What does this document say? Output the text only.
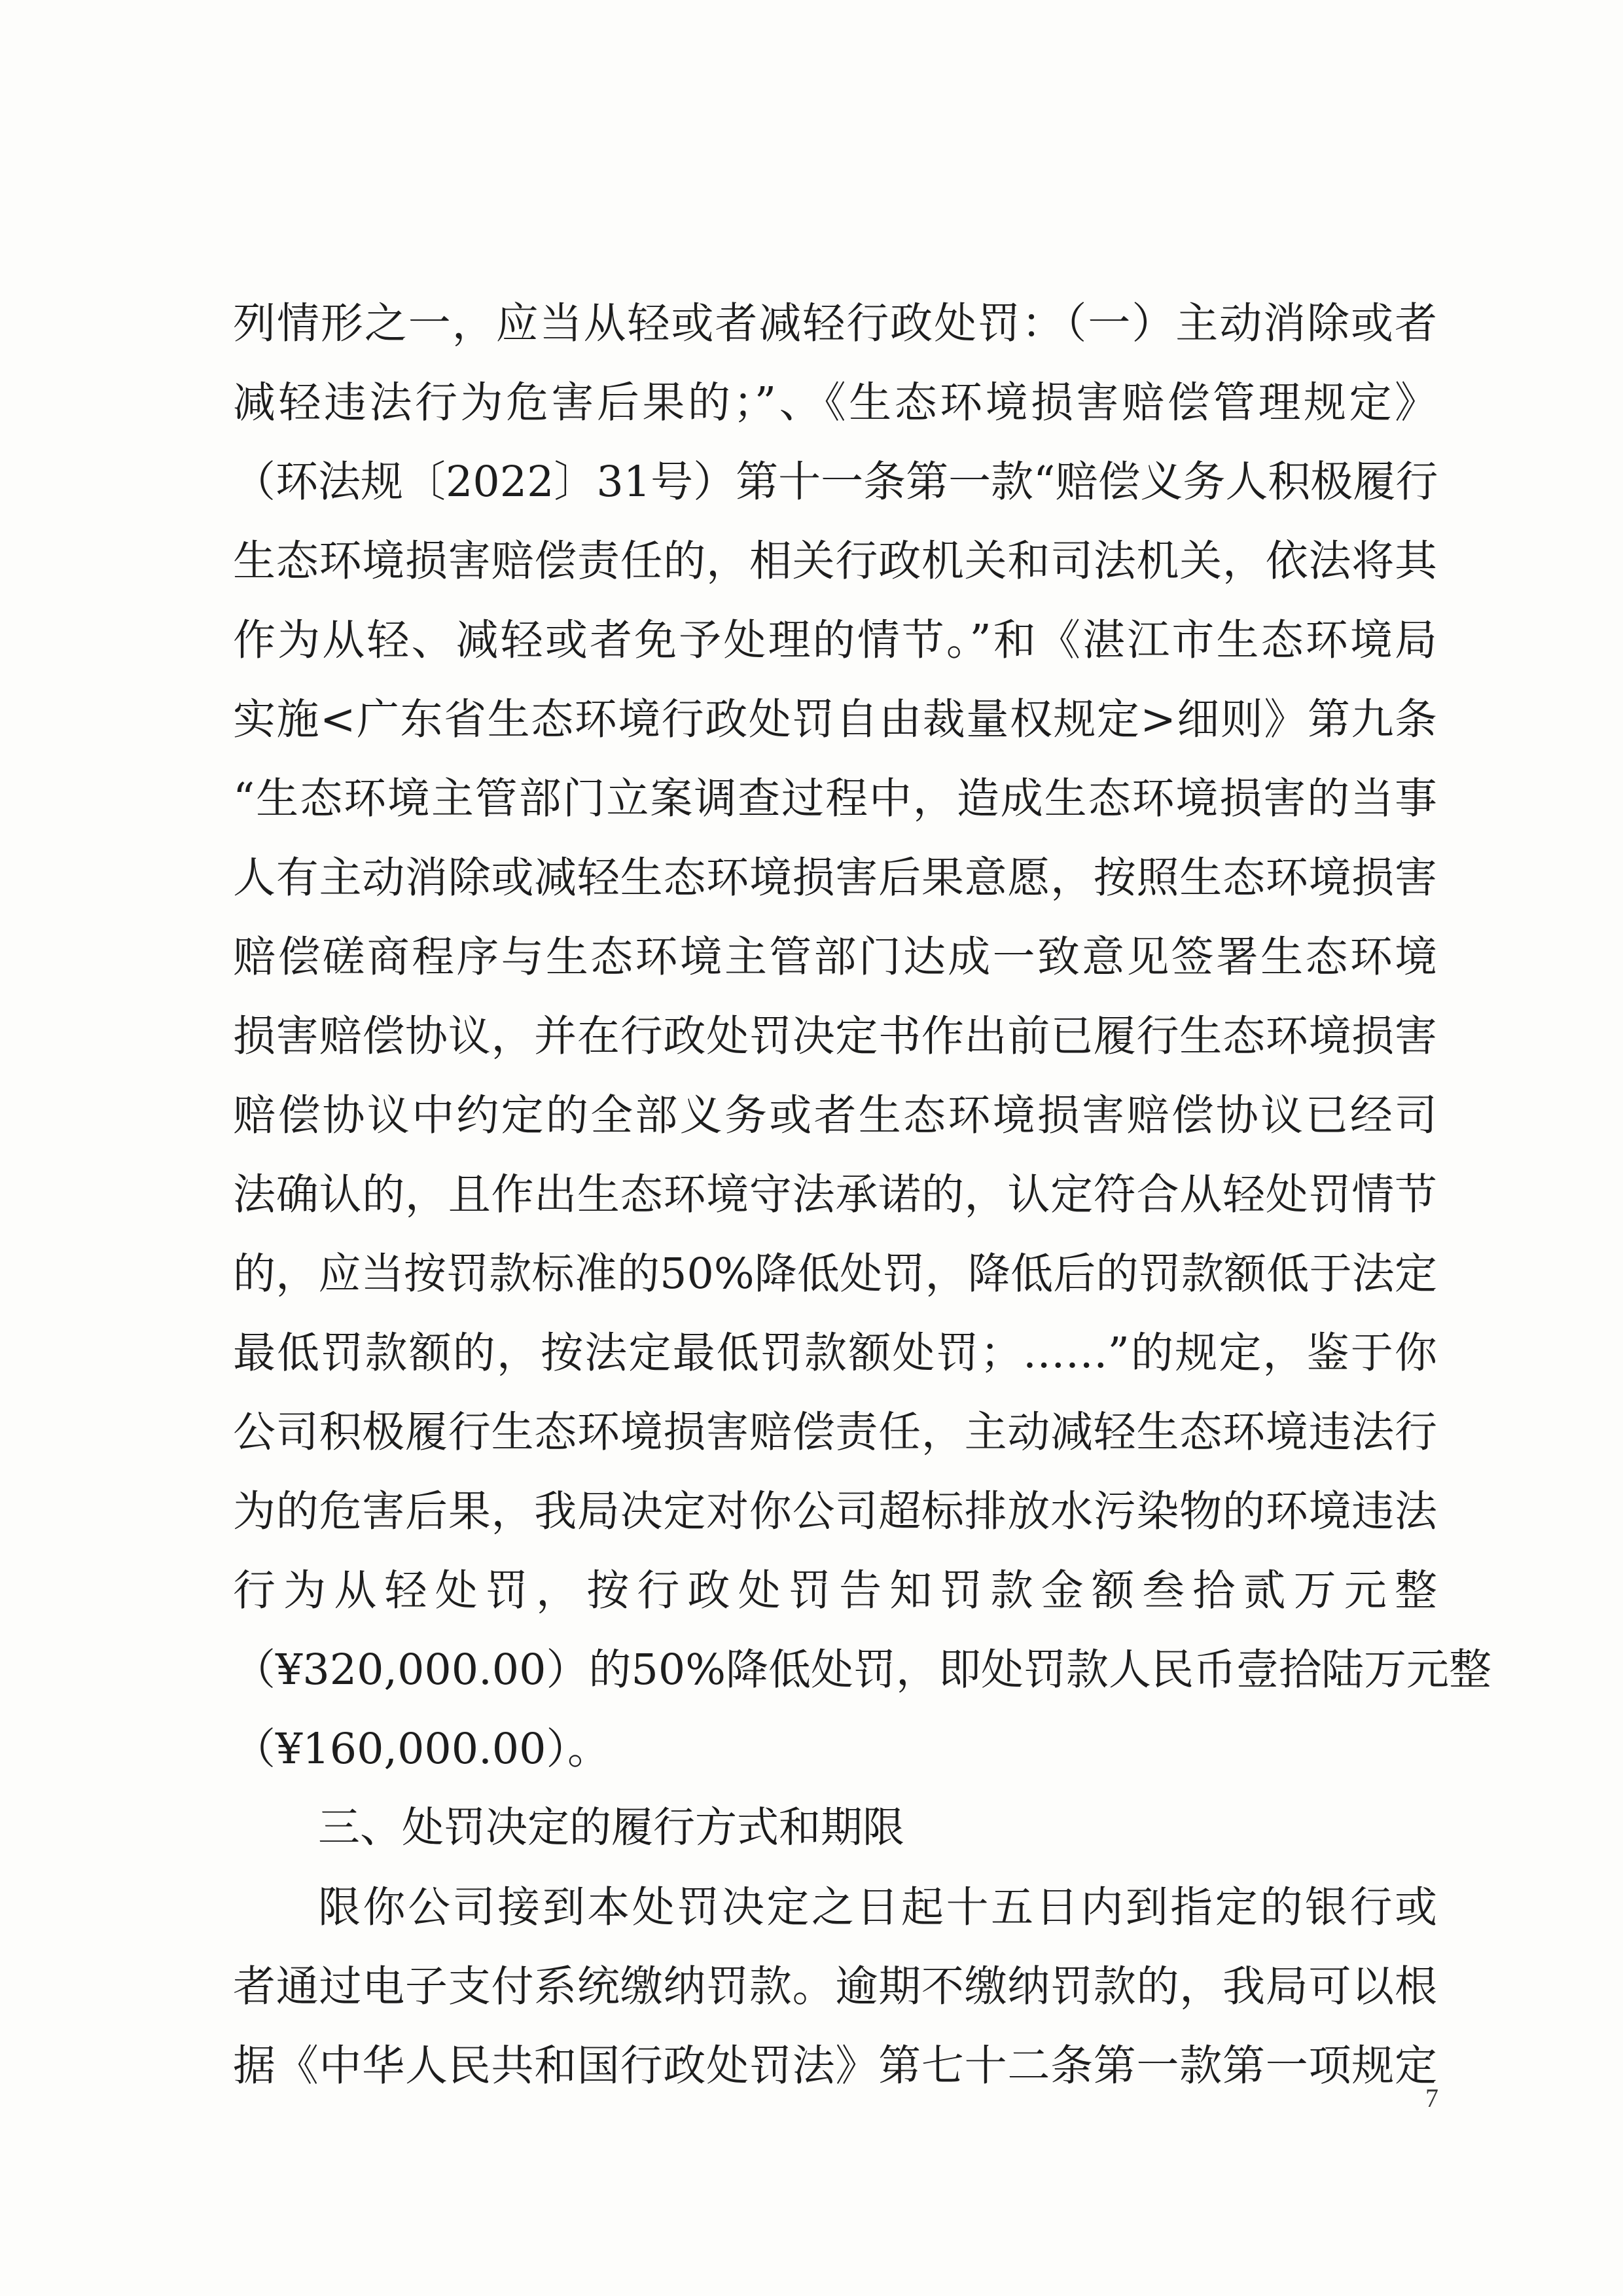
列情形之一，应当从轻或者减轻行政处罚：（一）主动消除或者
减轻违法行为危害后果的；”、《生态环境损害赔偿管理规定》
（环法规〔2022〕31号）第十一条第一款“赔偿义务人积极履行
生态环境损害赔偿责任的，相关行政机关和司法机关，依法将其
作为从轻、减轻或者免予处理的情节。”和《湛江市生态环境局
实施<广东省生态环境行政处罚自由裁量权规定>细则》第九条
“生态环境主管部门立案调查过程中，造成生态环境损害的当事
人有主动消除或减轻生态环境损害后果意愿，按照生态环境损害
赔偿磋商程序与生态环境主管部门达成一致意见签署生态环境
损害赔偿协议，并在行政处罚决定书作出前已履行生态环境损害
赔偿协议中约定的全部义务或者生态环境损害赔偿协议已经司
法确认的，且作出生态环境守法承诺的，认定符合从轻处罚情节
的，应当按罚款标准的50%降低处罚，降低后的罚款额低于法定
最低罚款额的，按法定最低罚款额处罚；……”的规定，鉴于你
公司积极履行生态环境损害赔偿责任，主动减轻生态环境违法行
为的危害后果，我局决定对你公司超标排放水污染物的环境违法
行为从轻处罚，按行政处罚告知罚款金额叁拾贰万元整
（¥320,000.00）的50%降低处罚，即处罚款人民币壹拾陆万元整
（¥160,000.00）。
三、处罚决定的履行方式和期限
限你公司接到本处罚决定之日起十五日内到指定的银行或
者通过电子支付系统缴纳罚款。逾期不缴纳罚款的，我局可以根
据《中华人民共和国行政处罚法》第七十二条第一款第一项规定
7
